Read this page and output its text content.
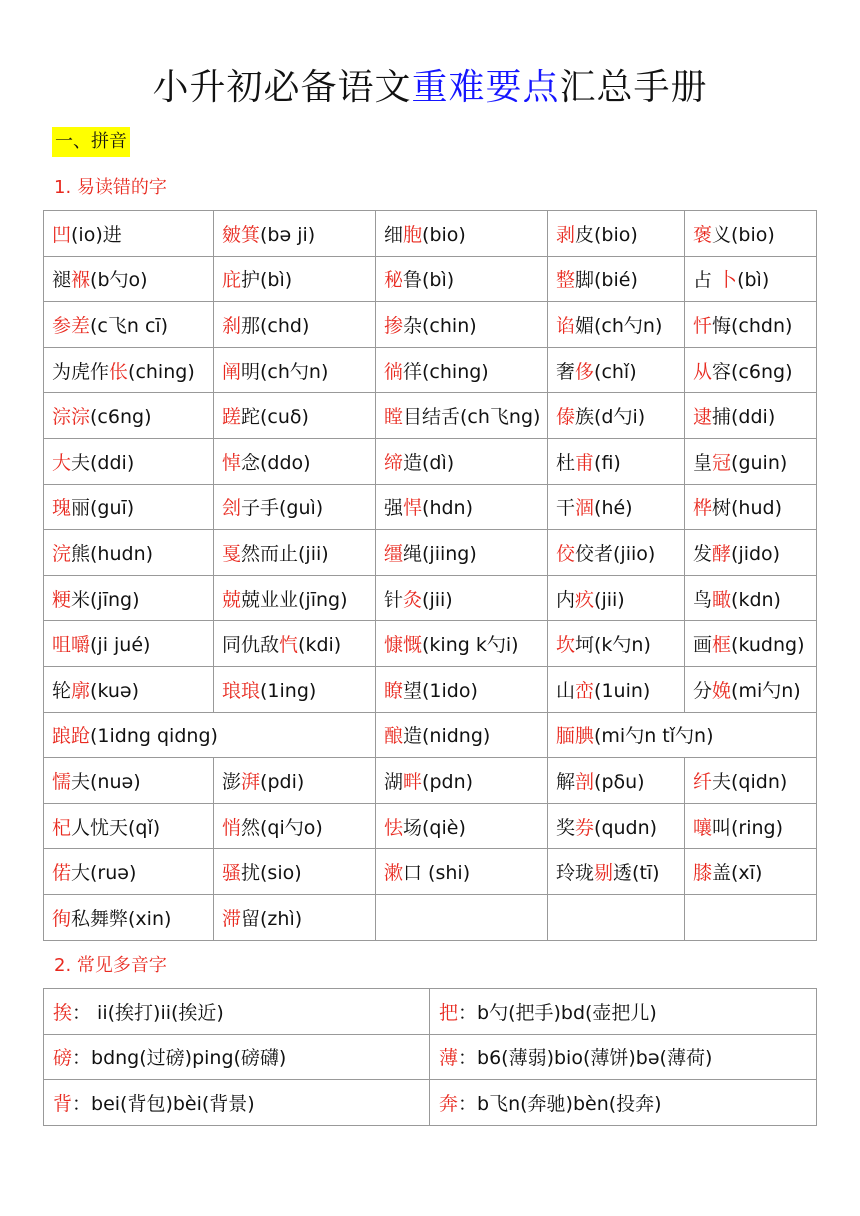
小升初必备语文重难要点汇总手册
一、拼音
1. 易读错的字
凹(io)进	皴箕(bə ji)	细胞(bio)	剥皮(bio)	褒义(bio)
褪褓(b勺o)	庇护(bì)	秘鲁(bì)	整脚(bié)	占 卜(bì)
参差(c飞n cī)	刹那(chd)	掺杂(chin)	谄媚(ch勺n)	忏悔(chdn)
为虎作伥(ching)	阐明(ch勺n)	徜徉(ching)	奢侈(chǐ)	从容(c6ng)
淙淙(c6ng)	蹉跎(cuδ)	瞠目结舌(ch飞ng)	傣族(d勺i)	逮捕(ddi)
大夫(ddi)	悼念(ddo)	缔造(dì)	杜甫(fi)	皇冠(guin)
瑰丽(guī)	刽子手(guì)	强悍(hdn)	干涸(hé)	桦树(hud)
浣熊(hudn)	戛然而止(jii)	缰绳(jiing)	佼佼者(jiio)	发酵(jido)
粳米(jīng)	兢兢业业(jīng)	针灸(jii)	内疚(jii)	鸟瞰(kdn)
咀嚼(ji jué)	同仇敌忾(kdi)	慷慨(king k勺i)	坎坷(k勺n)	画框(kudng)
轮廓(kuə)	琅琅(1ing)	瞭望(1ido)	山峦(1uin)	分娩(mi勺n)
踉跄(1idng qidng)		酿造(nidng)	腼腆(mi勺n tǐ勺n)	
懦夫(nuə)	澎湃(pdi)	湖畔(pdn)	解剖(pδu)	纤夫(qidn)
杞人忧天(qǐ)	悄然(qi勺o)	怯场(qiè)	奖券(qudn)	嚷叫(ring)
偌大(ruə)	骚扰(sio)	漱口 (shi)	玲珑剔透(tī)	膝盖(xī)
徇私舞弊(xin)	滞留(zhì)			
2. 常见多音字
挨： ii(挨打)ii(挨近)	把：b勺(把手)bd(壶把儿)
磅：bdng(过磅)ping(磅礴)	薄：b6(薄弱)bio(薄饼)bə(薄荷)
背：bei(背包)bèi(背景)	奔：b飞n(奔驰)bèn(投奔)
